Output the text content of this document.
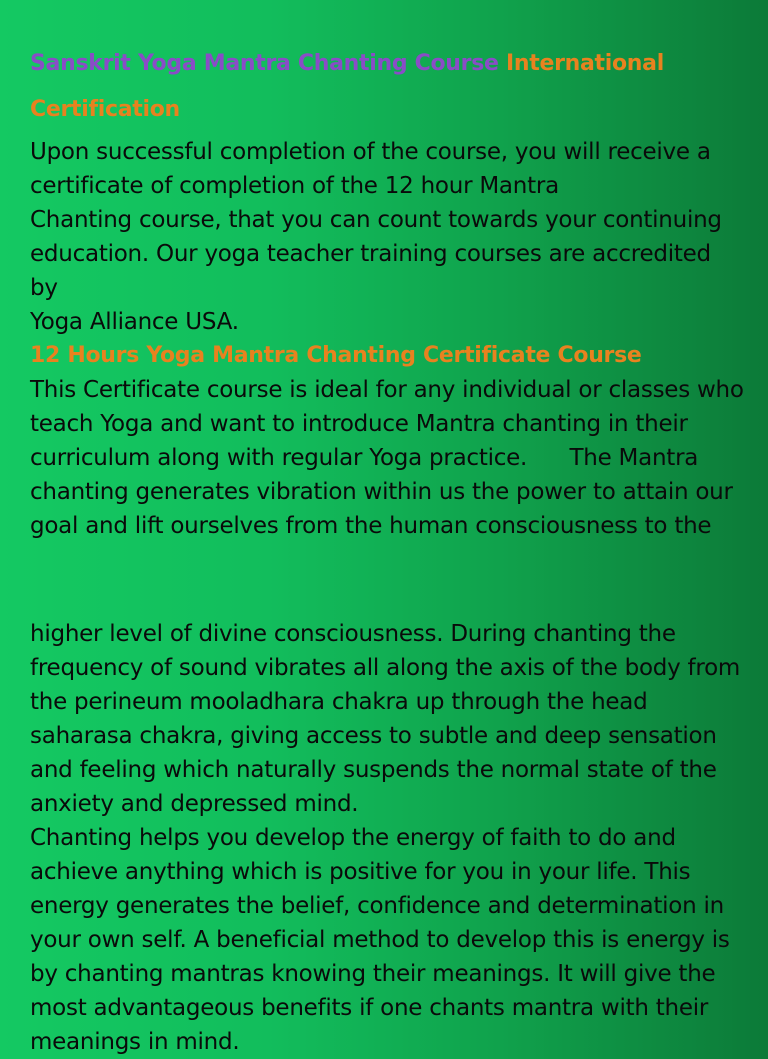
Sanskrit Yoga Mantra Chanting Course International
Certification
Upon successful completion of the course, you will receive a
certificate of completion of the 12 hour Mantra
Chanting course, that you can count towards your continuing
education. Our yoga teacher training courses are accredited by
Yoga Alliance USA.
12 Hours Yoga Mantra Chanting Certificate Course
This Certificate course is ideal for any individual or classes who
teach Yoga and want to introduce Mantra chanting in their
curriculum along with regular Yoga practice.      The Mantra
chanting generates vibration within us the power to attain our
goal and lift ourselves from the human consciousness to the
higher level of divine consciousness. During chanting the
frequency of sound vibrates all along the axis of the body from
the perineum mooladhara chakra up through the head
saharasa chakra, giving access to subtle and deep sensation
and feeling which naturally suspends the normal state of the
anxiety and depressed mind.
Chanting helps you develop the energy of faith to do and
achieve anything which is positive for you in your life. This
energy generates the belief, confidence and determination in
your own self. A beneficial method to develop this is energy is
by chanting mantras knowing their meanings. It will give the
most advantageous benefits if one chants mantra with their
meanings in mind.
